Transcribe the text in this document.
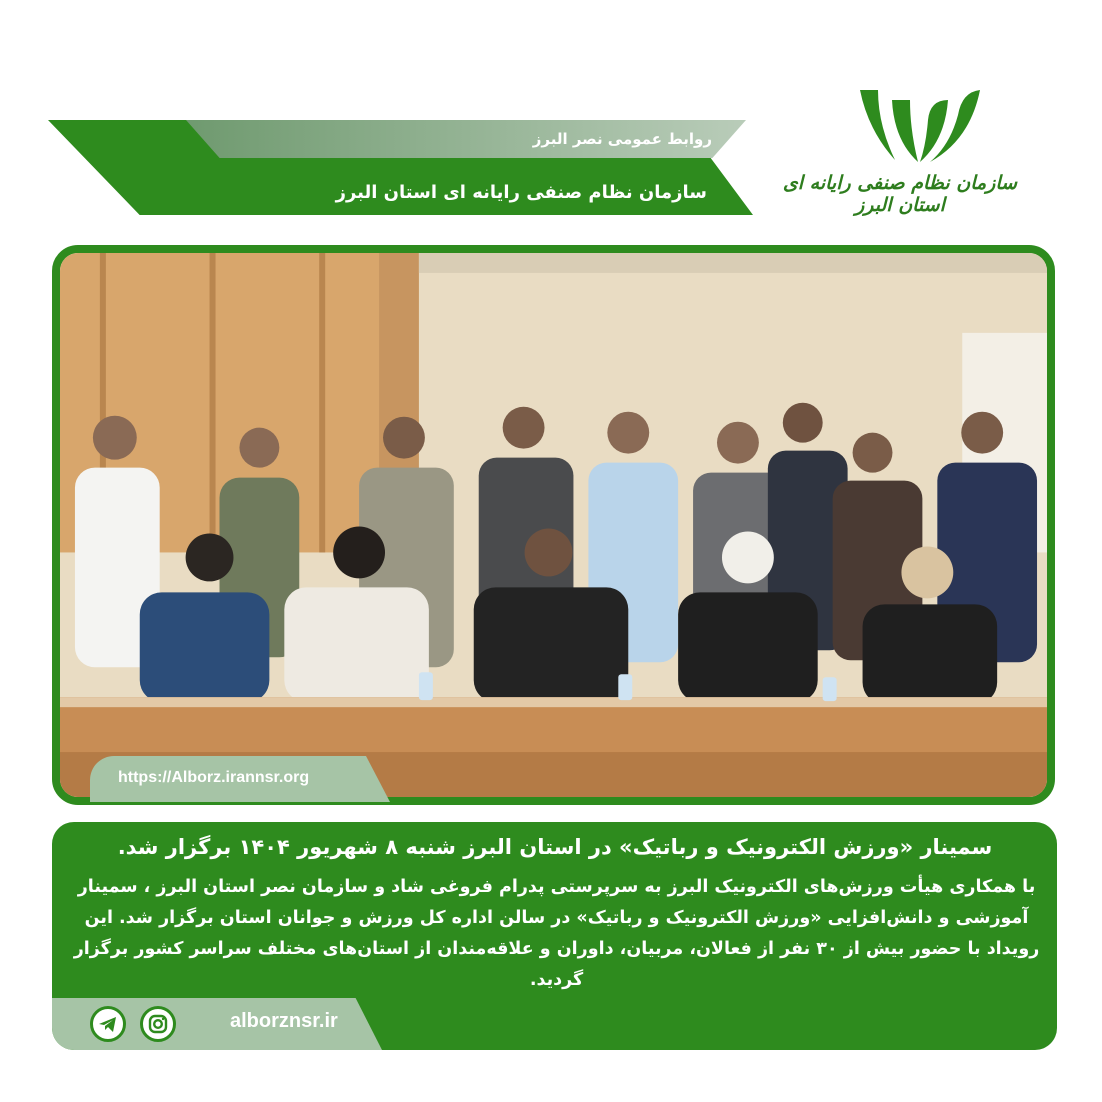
روابط عمومی نصر البرز
سازمان نظام صنفی رایانه ای استان البرز	سازمان نظام صنفی رایانه ای استان البرز
https://Alborz.irannsr.org
سمینار «ورزش الکترونیک و رباتیک» در استان البرز شنبه ۸ شهریور ۱۴۰۴ برگزار شد.
با همکاری هیأت ورزش‌های الکترونیک البرز به سرپرستی پدرام فروغی شاد و سازمان نصر استان البرز ، سمینار آموزشی و دانش‌افزایی «ورزش الکترونیک و رباتیک» در سالن اداره کل ورزش و جوانان استان برگزار شد. این رویداد با حضور بیش از ۳۰ نفر از فعالان، مربیان، داوران و علاقه‌مندان از استان‌های مختلف سراسر کشور برگزار گردید.
alborznsr.ir
